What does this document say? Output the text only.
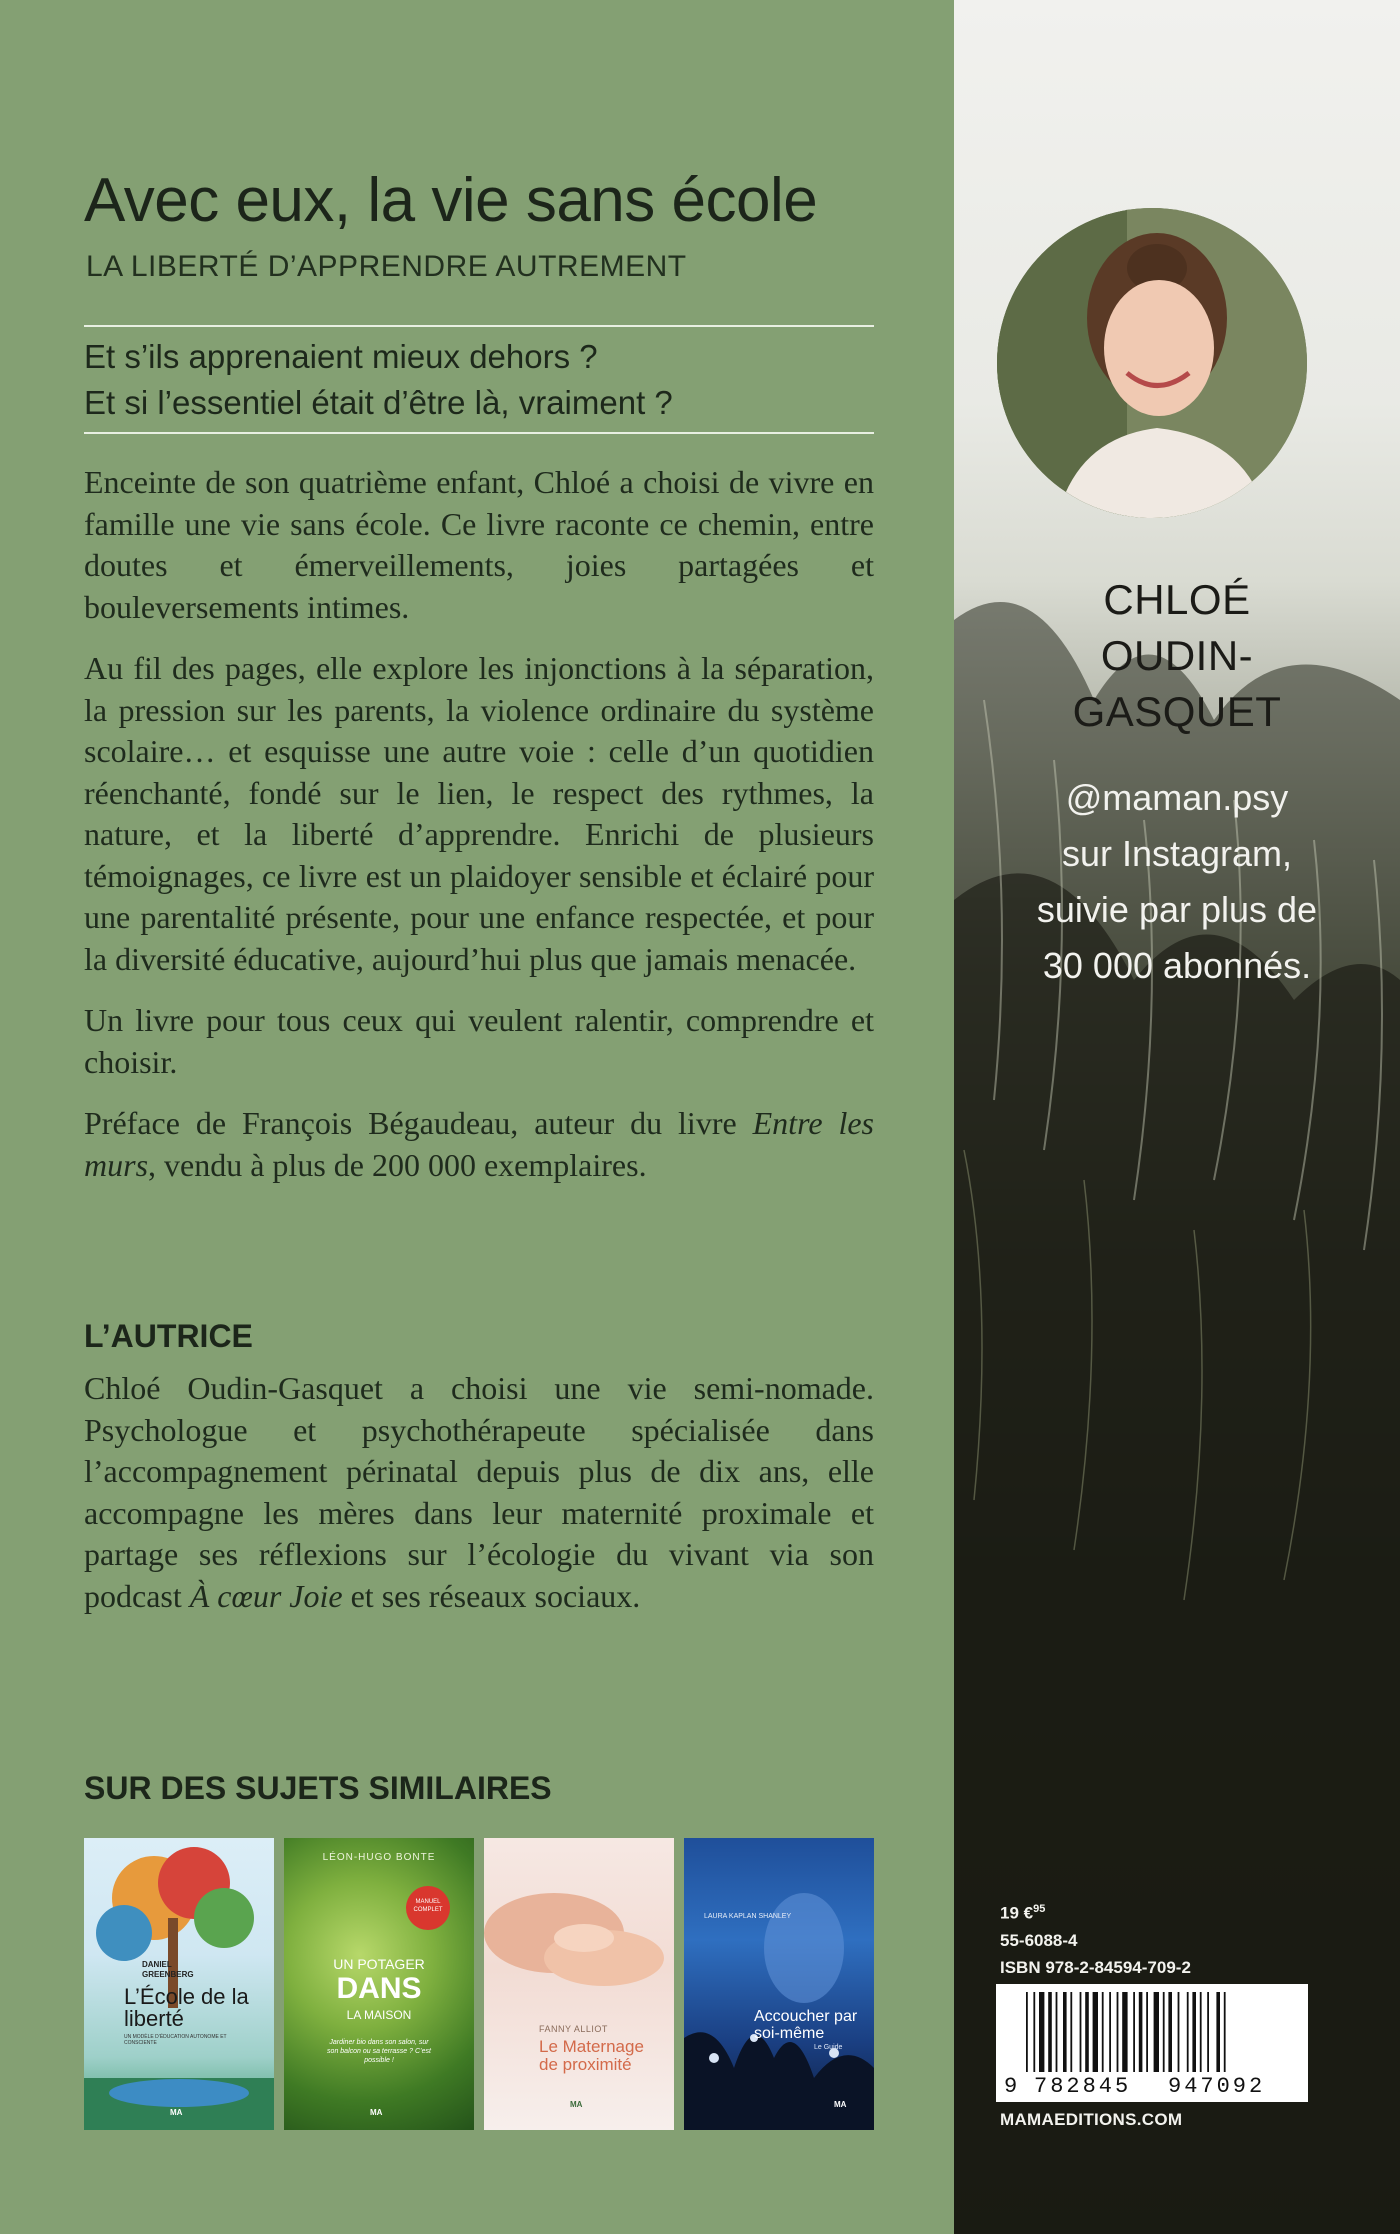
Avec eux, la vie sans école
LA LIBERTÉ D’APPRENDRE AUTREMENT
Et s’ils apprenaient mieux dehors ?
Et si l’essentiel était d’être là, vraiment ?

Enceinte de son quatrième enfant, Chloé a choisi de vivre en famille une vie sans école. Ce livre raconte ce chemin, entre doutes et émerveillements, joies partagées et bouleversements intimes.

Au fil des pages, elle explore les injonctions à la séparation, la pression sur les parents, la violence ordinaire du système scolaire… et esquisse une autre voie : celle d’un quotidien réenchanté, fondé sur le lien, le respect des rythmes, la nature, et la liberté d’apprendre. Enrichi de plusieurs témoignages, ce livre est un plaidoyer sensible et éclairé pour une parentalité présente, pour une enfance respectée, et pour la diversité éducative, aujourd’hui plus que jamais menacée.

Un livre pour tous ceux qui veulent ralentir, comprendre et choisir.

Préface de François Bégaudeau, auteur du livre Entre les murs, vendu à plus de 200 000 exemplaires.

L’AUTRICE

Chloé Oudin-Gasquet a choisi une vie semi-nomade. Psychologue et psychothérapeute spécialisée dans l’accompagnement périnatal depuis plus de dix ans, elle accompagne les mères dans leur maternité proximale et partage ses réflexions sur l’écologie du vivant via son podcast À cœur Joie et ses réseaux sociaux.

SUR DES SUJETS SIMILAIRES
DANIEL GREENBERG
L’École de la liberté
UN MODÈLE D’ÉDUCATION AUTONOME ET CONSCIENTE
MA
LÉON-HUGO BONTE
MANUEL COMPLET
UN POTAGER
DANS
LA MAISON
Jardiner bio dans son salon, sur son balcon ou sa terrasse ? C’est possible !
MA
FANNY ALLIOT
Le Maternage de proximité
MA
LAURA KAPLAN SHANLEY
Accoucher par soi-même
Le Guide
MA
CHLOÉ
OUDIN-
GASQUET
@maman.psy
sur Instagram,
suivie par plus de
30 000 abonnés.
19 €$^{95}$
55-6088-4
ISBN 978-2-84594-709-2
9 782845 947092
MAMAEDITIONS.COM
